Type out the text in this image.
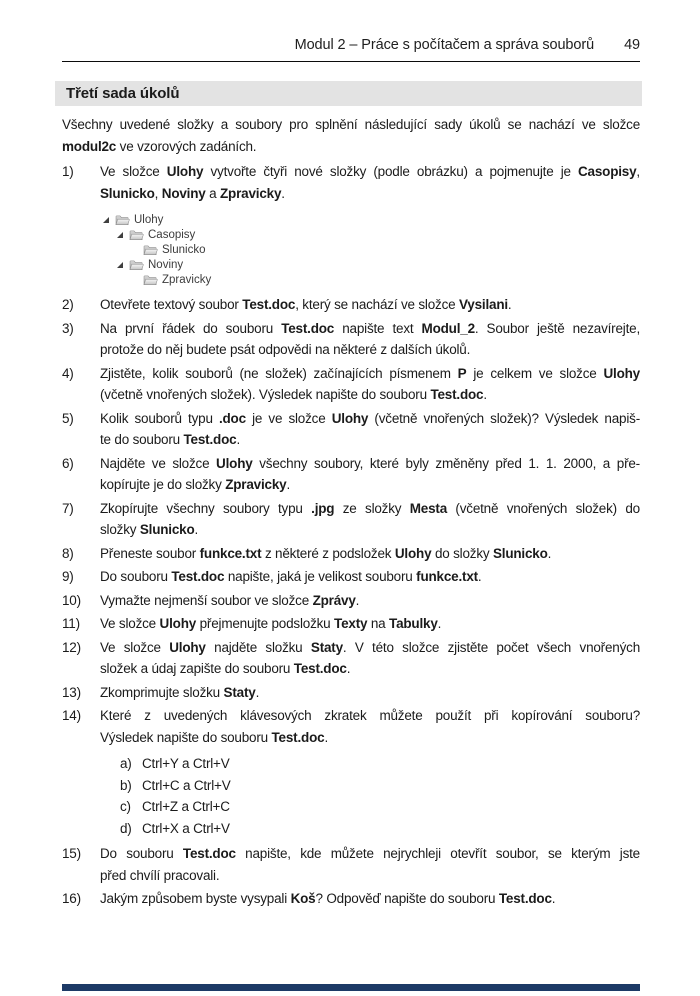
Modul 2 – Práce s počítačem a správa souborů 49
Třetí sada úkolů
Všechny uvedené složky a soubory pro splnění následující sady úkolů se nachází ve složce
modul2c ve vzorových zadáních.
1)	Ve složce Ulohy vytvořte čtyři nové složky (podle obrázku) a pojmenujte je Casopisy,
Slunicko, Noviny a Zpravicky.
Ulohy
Casopisy
Slunicko
Noviny
Zpravicky
2)	Otevřete textový soubor Test.doc, který se nachází ve složce Vysilani.
3)	Na první řádek do souboru Test.doc napište text Modul_2. Soubor ještě nezavírejte,
protože do něj budete psát odpovědi na některé z dalších úkolů.
4)	Zjistěte, kolik souborů (ne složek) začínajících písmenem P je celkem ve složce Ulohy
(včetně vnořených složek). Výsledek napište do souboru Test.doc.
5)	Kolik souborů typu .doc je ve složce Ulohy (včetně vnořených složek)? Výsledek napiš-
te do souboru Test.doc.
6)	Najděte ve složce Ulohy všechny soubory, které byly změněny před 1. 1. 2000, a pře-
kopírujte je do složky Zpravicky.
7)	Zkopírujte všechny soubory typu .jpg ze složky Mesta (včetně vnořených složek) do
složky Slunicko.
8)	Přeneste soubor funkce.txt z některé z podsložek Ulohy do složky Slunicko.
9)	Do souboru Test.doc napište, jaká je velikost souboru funkce.txt.
10)	Vymažte nejmenší soubor ve složce Zprávy.
11)	Ve složce Ulohy přejmenujte podsložku Texty na Tabulky.
12)	Ve složce Ulohy najděte složku Staty. V této složce zjistěte počet všech vnořených
složek a údaj zapište do souboru Test.doc.
13)	Zkomprimujte složku Staty.
14)	Které z uvedených klávesových zkratek můžete použít při kopírování souboru?
Výsledek napište do souboru Test.doc.
a) Ctrl+Y a Ctrl+V
b) Ctrl+C a Ctrl+V
c) Ctrl+Z a Ctrl+C
d) Ctrl+X a Ctrl+V
15)	Do souboru Test.doc napište, kde můžete nejrychleji otevřít soubor, se kterým jste
před chvílí pracovali.
16)	Jakým způsobem byste vysypali Koš? Odpověď napište do souboru Test.doc.
